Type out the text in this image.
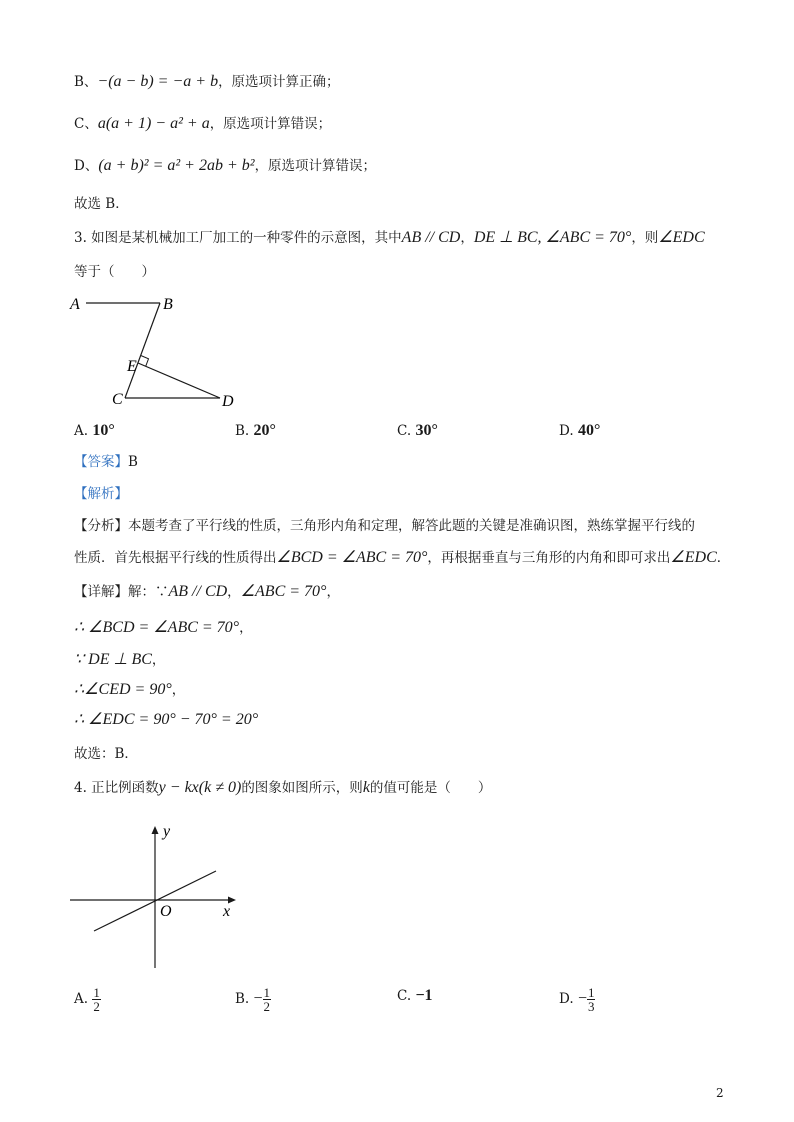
B、−(a − b) = −a + b，原选项计算正确；
C、a(a + 1) − a² + a，原选项计算错误；
D、(a + b)² = a² + 2ab + b²，原选项计算错误；
故选 B．
3. 如图是某机械加工厂加工的一种零件的示意图，其中AB // CD，DE ⊥ BC, ∠ABC = 70°，则∠EDC
等于（　　）
A	B
E
C	D
A. 10°	B. 20°	C. 30°	D. 40°
【答案】B
【解析】
【分析】本题考查了平行线的性质，三角形内角和定理，解答此题的关键是准确识图，熟练掌握平行线的
性质．首先根据平行线的性质得出∠BCD = ∠ABC = 70°，再根据垂直与三角形的内角和即可求出∠EDC．
【详解】解：∵AB // CD，∠ABC = 70°，
∴ ∠BCD = ∠ABC = 70°，
∵ DE ⊥ BC，
∴∠CED = 90°，
∴ ∠EDC = 90° − 70° = 20°
故选：B．
4. 正比例函数y − kx(k ≠ 0)的图象如图所示，则k的值可能是（　　）
y
x
O
A. $\frac{1}{2}$	B. − $\frac{1}{2}$	C. −1	D. − $\frac{1}{3}$
2
